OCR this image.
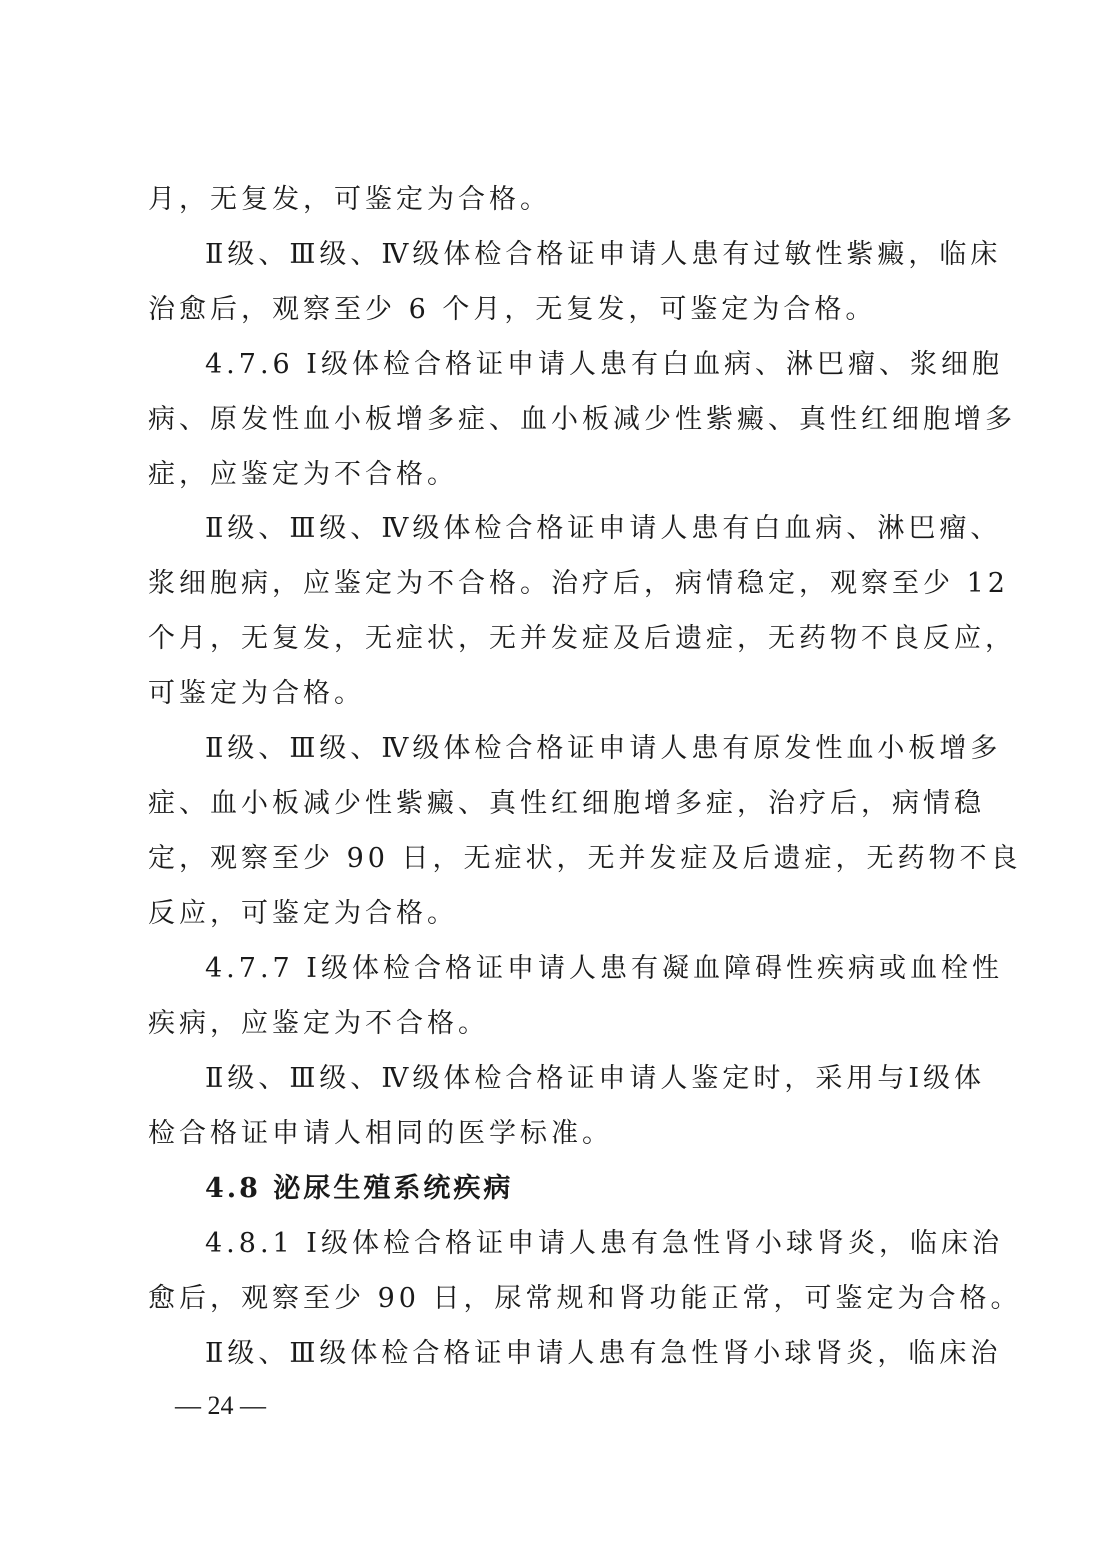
月，无复发，可鉴定为合格。
Ⅱ级、Ⅲ级、Ⅳ级体检合格证申请人患有过敏性紫癜，临床
治愈后，观察至少 6 个月，无复发，可鉴定为合格。
4.7.6 Ⅰ级体检合格证申请人患有白血病、淋巴瘤、浆细胞
病、原发性血小板增多症、血小板减少性紫癜、真性红细胞增多
症，应鉴定为不合格。
Ⅱ级、Ⅲ级、Ⅳ级体检合格证申请人患有白血病、淋巴瘤、
浆细胞病，应鉴定为不合格。治疗后，病情稳定，观察至少 12
个月，无复发，无症状，无并发症及后遗症，无药物不良反应，
可鉴定为合格。
Ⅱ级、Ⅲ级、Ⅳ级体检合格证申请人患有原发性血小板增多
症、血小板减少性紫癜、真性红细胞增多症，治疗后，病情稳
定，观察至少 90 日，无症状，无并发症及后遗症，无药物不良
反应，可鉴定为合格。
4.7.7 Ⅰ级体检合格证申请人患有凝血障碍性疾病或血栓性
疾病，应鉴定为不合格。
Ⅱ级、Ⅲ级、Ⅳ级体检合格证申请人鉴定时，采用与Ⅰ级体
检合格证申请人相同的医学标准。
4.8 泌尿生殖系统疾病
4.8.1 Ⅰ级体检合格证申请人患有急性肾小球肾炎，临床治
愈后，观察至少 90 日，尿常规和肾功能正常，可鉴定为合格。
Ⅱ级、Ⅲ级体检合格证申请人患有急性肾小球肾炎，临床治
— 24 —
